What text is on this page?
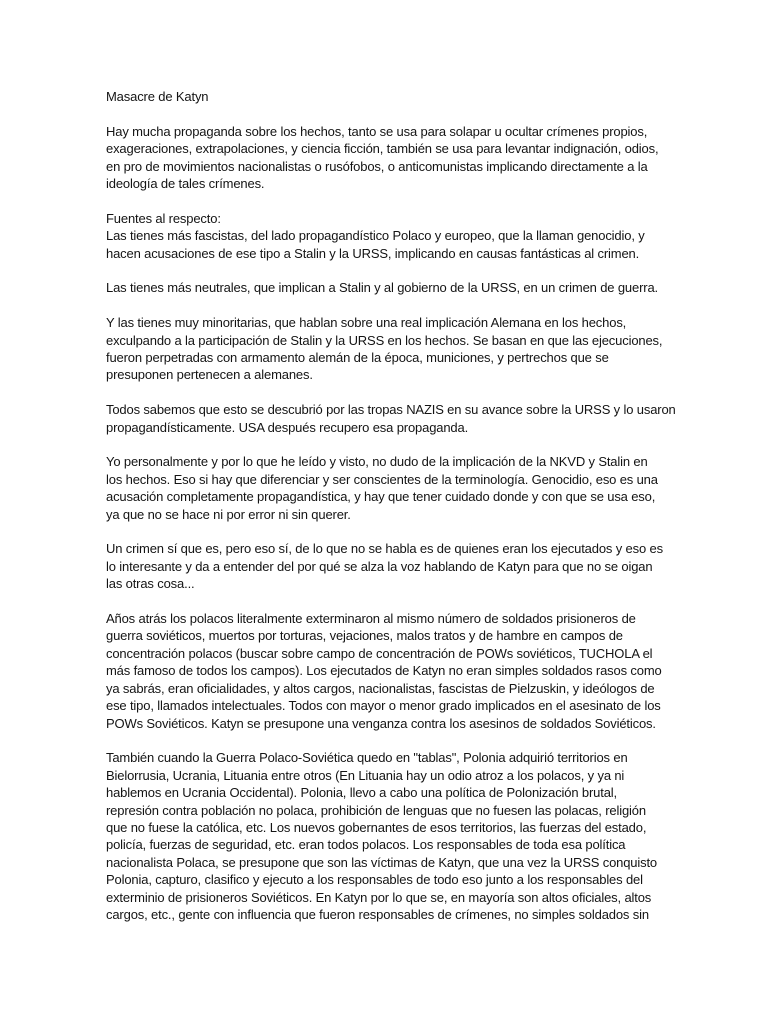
Masacre de Katyn
Hay mucha propaganda sobre los hechos, tanto se usa para solapar u ocultar crímenes propios,
exageraciones, extrapolaciones, y ciencia ficción, también se usa para levantar indignación, odios,
en pro de movimientos nacionalistas o rusófobos, o anticomunistas implicando directamente a la
ideología de tales crímenes.
Fuentes al respecto:
Las tienes más fascistas, del lado propagandístico Polaco y europeo, que la llaman genocidio, y
hacen acusaciones de ese tipo a Stalin y la URSS, implicando en causas fantásticas al crimen.
Las tienes más neutrales, que implican a Stalin y al gobierno de la URSS, en un crimen de guerra.
Y las tienes muy minoritarias, que hablan sobre una real implicación Alemana en los hechos,
exculpando a la participación de Stalin y la URSS en los hechos. Se basan en que las ejecuciones,
fueron perpetradas con armamento alemán de la época, municiones, y pertrechos que se
presuponen pertenecen a alemanes.
Todos sabemos que esto se descubrió por las tropas NAZIS en su avance sobre la URSS y lo usaron
propagandísticamente. USA después recupero esa propaganda.
Yo personalmente y por lo que he leído y visto, no dudo de la implicación de la NKVD y Stalin en
los hechos. Eso si hay que diferenciar y ser conscientes de la terminología. Genocidio, eso es una
acusación completamente propagandística, y hay que tener cuidado donde y con que se usa eso,
ya que no se hace ni por error ni sin querer.
Un crimen sí que es, pero eso sí, de lo que no se habla es de quienes eran los ejecutados y eso es
lo interesante y da a entender del por qué se alza la voz hablando de Katyn para que no se oigan
las otras cosa...
Años atrás los polacos literalmente exterminaron al mismo número de soldados prisioneros de
guerra soviéticos, muertos por torturas, vejaciones, malos tratos y de hambre en campos de
concentración polacos (buscar sobre campo de concentración de POWs soviéticos, TUCHOLA el
más famoso de todos los campos). Los ejecutados de Katyn no eran simples soldados rasos como
ya sabrás, eran oficialidades, y altos cargos, nacionalistas, fascistas de Pielzuskin, y ideólogos de
ese tipo, llamados intelectuales. Todos con mayor o menor grado implicados en el asesinato de los
POWs Soviéticos. Katyn se presupone una venganza contra los asesinos de soldados Soviéticos.
También cuando la Guerra Polaco-Soviética quedo en "tablas", Polonia adquirió territorios en
Bielorrusia, Ucrania, Lituania entre otros (En Lituania hay un odio atroz a los polacos, y ya ni
hablemos en Ucrania Occidental). Polonia, llevo a cabo una política de Polonización brutal,
represión contra población no polaca, prohibición de lenguas que no fuesen las polacas, religión
que no fuese la católica, etc. Los nuevos gobernantes de esos territorios, las fuerzas del estado,
policía, fuerzas de seguridad, etc. eran todos polacos. Los responsables de toda esa política
nacionalista Polaca, se presupone que son las víctimas de Katyn, que una vez la URSS conquisto
Polonia, capturo, clasifico y ejecuto a los responsables de todo eso junto a los responsables del
exterminio de prisioneros Soviéticos. En Katyn por lo que se, en mayoría son altos oficiales, altos
cargos, etc., gente con influencia que fueron responsables de crímenes, no simples soldados sin
